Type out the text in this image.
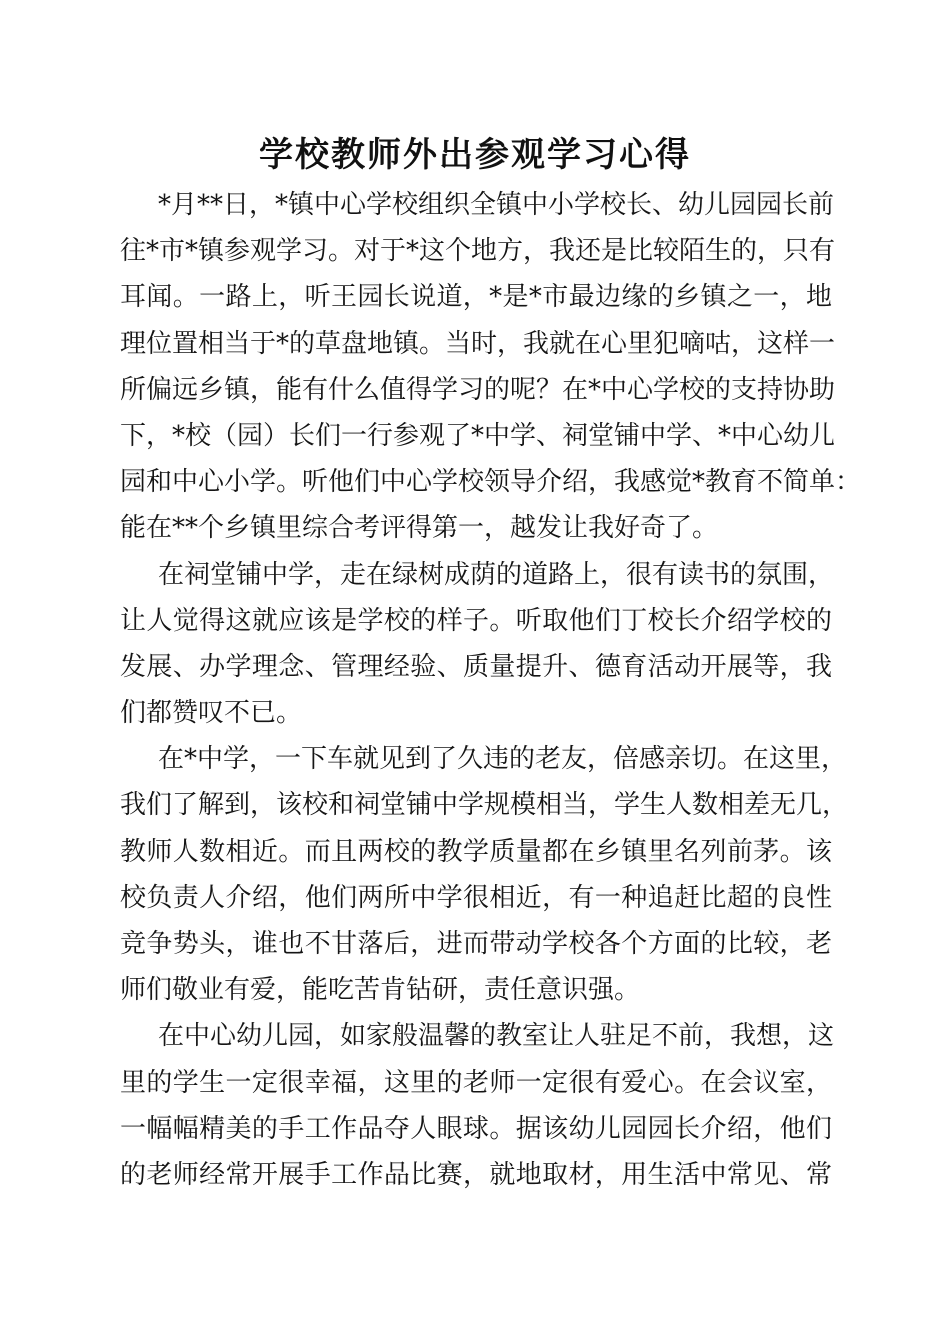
学校教师外出参观学习心得
*月**日，*镇中心学校组织全镇中小学校长、幼儿园园长前
往*市*镇参观学习。对于*这个地方，我还是比较陌生的，只有
耳闻。一路上，听王园长说道，*是*市最边缘的乡镇之一，地
理位置相当于*的草盘地镇。当时，我就在心里犯嘀咕，这样一
所偏远乡镇，能有什么值得学习的呢？在*中心学校的支持协助
下，*校（园）长们一行参观了*中学、祠堂铺中学、*中心幼儿
园和中心小学。听他们中心学校领导介绍，我感觉*教育不简单：
能在**个乡镇里综合考评得第一，越发让我好奇了。
在祠堂铺中学，走在绿树成荫的道路上，很有读书的氛围，
让人觉得这就应该是学校的样子。听取他们丁校长介绍学校的
发展、办学理念、管理经验、质量提升、德育活动开展等，我
们都赞叹不已。
在*中学，一下车就见到了久违的老友，倍感亲切。在这里，
我们了解到，该校和祠堂铺中学规模相当，学生人数相差无几，
教师人数相近。而且两校的教学质量都在乡镇里名列前茅。该
校负责人介绍，他们两所中学很相近，有一种追赶比超的良性
竞争势头，谁也不甘落后，进而带动学校各个方面的比较，老
师们敬业有爱，能吃苦肯钻研，责任意识强。
在中心幼儿园，如家般温馨的教室让人驻足不前，我想，这
里的学生一定很幸福，这里的老师一定很有爱心。在会议室，
一幅幅精美的手工作品夺人眼球。据该幼儿园园长介绍，他们
的老师经常开展手工作品比赛，就地取材，用生活中常见、常
